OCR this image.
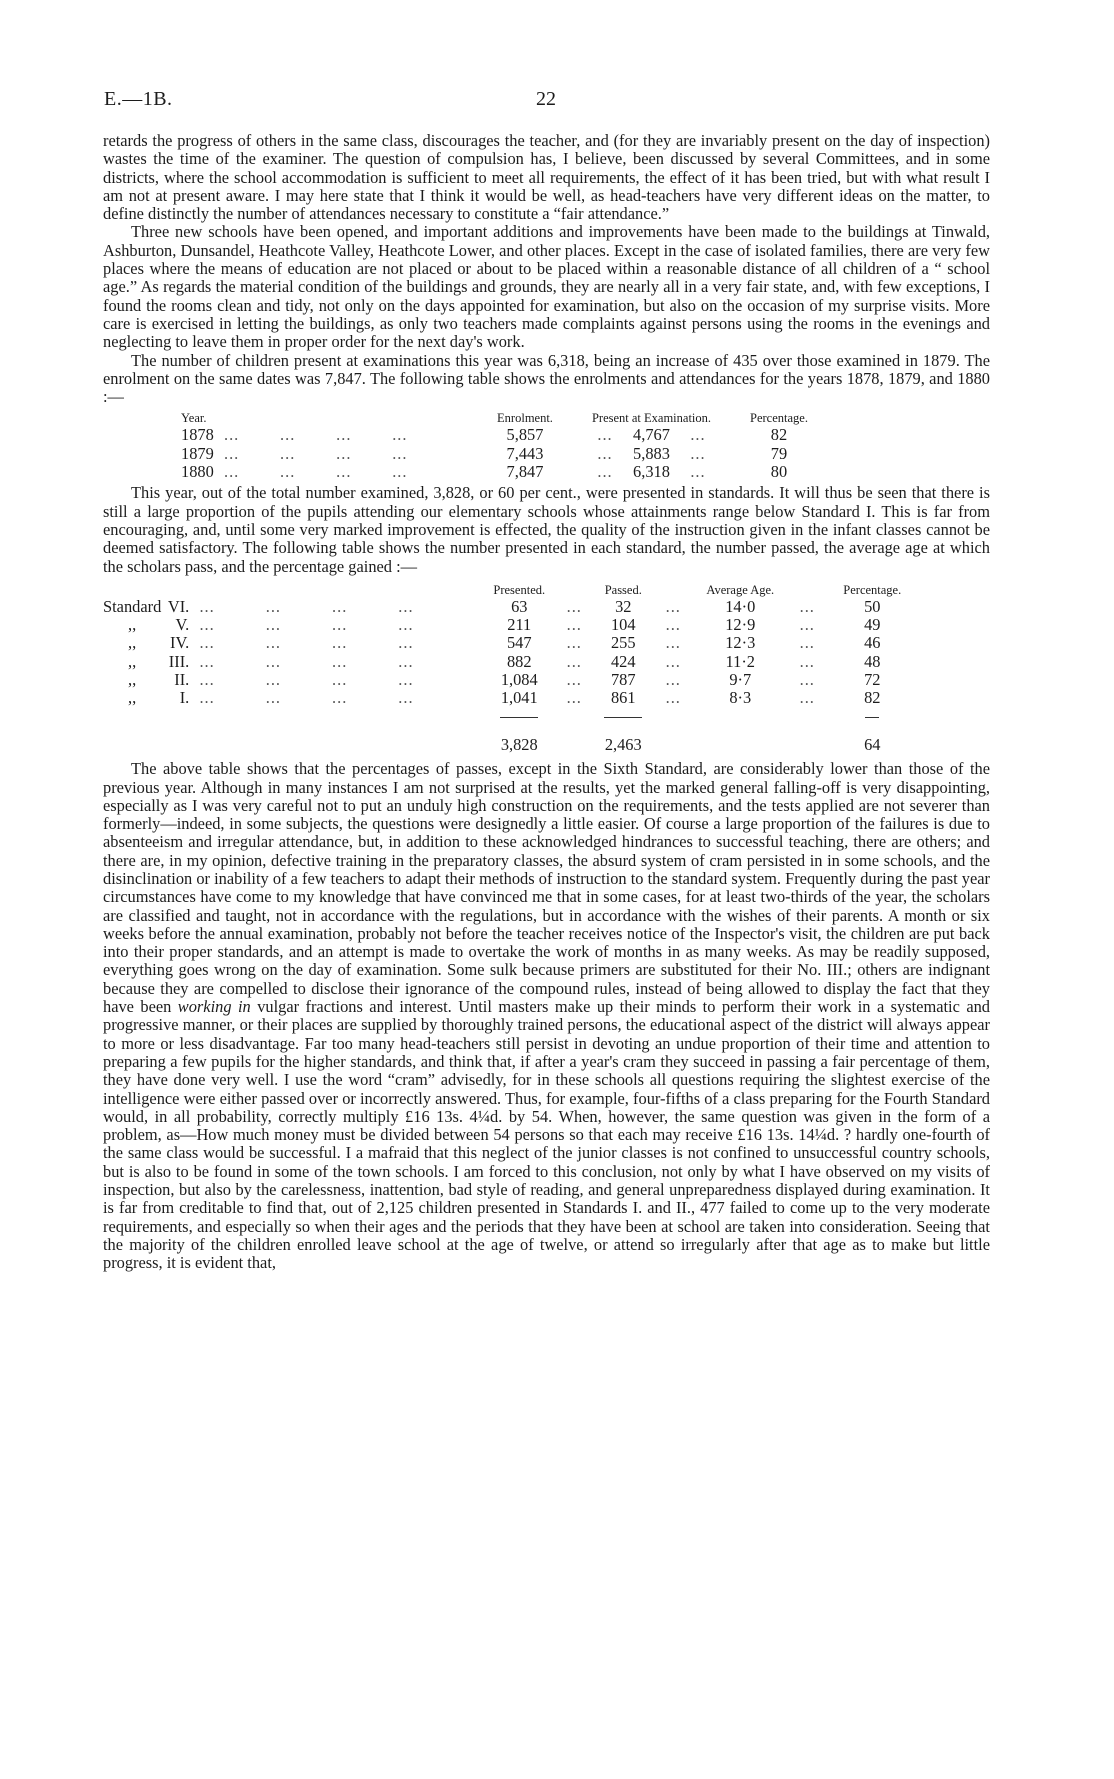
E.—1B.	22

retards the progress of others in the same class, discourages the teacher, and (for they are invariably present on the day of inspection) wastes the time of the examiner. The question of compulsion has, I believe, been discussed by several Committees, and in some districts, where the school accommodation is sufficient to meet all requirements, the effect of it has been tried, but with what result I am not at present aware. I may here state that I think it would be well, as head-teachers have very different ideas on the matter, to define distinctly the number of attendances necessary to constitute a “fair attendance.”

Three new schools have been opened, and important additions and improvements have been made to the buildings at Tinwald, Ashburton, Dunsandel, Heathcote Valley, Heathcote Lower, and other places. Except in the case of isolated families, there are very few places where the means of education are not placed or about to be placed within a reasonable distance of all children of a “ school age.” As regards the material condition of the buildings and grounds, they are nearly all in a very fair state, and, with few exceptions, I found the rooms clean and tidy, not only on the days appointed for examination, but also on the occasion of my surprise visits. More care is exercised in letting the buildings, as only two teachers made complaints against persons using the rooms in the evenings and neglecting to leave them in proper order for the next day's work.

The number of children present at examinations this year was 6,318, being an increase of 435 over those examined in 1879. The enrolment on the same dates was 7,847. The following table shows the enrolments and attendances for the years 1878, 1879, and 1880 :—

Year.	Enrolment.	Present at Examination.	Percentage.
1878  ...        ...        ...        ...	5,857	...    4,767    ...	82
1879  ...        ...        ...        ...	7,443	...    5,883    ...	79
1880  ...        ...        ...        ...	7,847	...    6,318    ...	80

This year, out of the total number examined, 3,828, or 60 per cent., were presented in standards. It will thus be seen that there is still a large proportion of the pupils attending our elementary schools whose attainments range below Standard I. This is far from encouraging, and, until some very marked improvement is effected, the quality of the instruction given in the infant classes cannot be deemed satisfactory. The following table shows the number presented in each standard, the number passed, the average age at which the scholars pass, and the percentage gained :—

			Presented.		Passed.		Average Age.		Percentage.
Standard	VI.	...          ...          ...          ...	63	...	32	...	14·0	...	50
,,	V.	...          ...          ...          ...	211	...	104	...	12·9	...	49
,,	IV.	...          ...          ...          ...	547	...	255	...	12·3	...	46
,,	III.	...          ...          ...          ...	882	...	424	...	11·2	...	48
,,	II.	...          ...          ...          ...	1,084	...	787	...	9·7	...	72
,,	I.	...          ...          ...          ...	1,041	...	861	...	8·3	...	82

			3,828		2,463				64

The above table shows that the percentages of passes, except in the Sixth Standard, are considerably lower than those of the previous year. Although in many instances I am not surprised at the results, yet the marked general falling-off is very disappointing, especially as I was very careful not to put an unduly high construction on the requirements, and the tests applied are not severer than formerly—indeed, in some subjects, the questions were designedly a little easier. Of course a large proportion of the failures is due to absenteeism and irregular attendance, but, in addition to these acknowledged hindrances to successful teaching, there are others; and there are, in my opinion, defective training in the preparatory classes, the absurd system of cram persisted in in some schools, and the disinclination or inability of a few teachers to adapt their methods of instruction to the standard system. Frequently during the past year circumstances have come to my knowledge that have convinced me that in some cases, for at least two-thirds of the year, the scholars are classified and taught, not in accordance with the regulations, but in accordance with the wishes of their parents. A month or six weeks before the annual examination, probably not before the teacher receives notice of the Inspector's visit, the children are put back into their proper standards, and an attempt is made to overtake the work of months in as many weeks. As may be readily supposed, everything goes wrong on the day of examination. Some sulk because primers are substituted for their No. III.; others are indignant because they are compelled to disclose their ignorance of the compound rules, instead of being allowed to display the fact that they have been working in vulgar fractions and interest. Until masters make up their minds to perform their work in a systematic and progressive manner, or their places are supplied by thoroughly trained persons, the educational aspect of the district will always appear to more or less disadvantage. Far too many head-teachers still persist in devoting an undue proportion of their time and attention to preparing a few pupils for the higher standards, and think that, if after a year's cram they succeed in passing a fair percentage of them, they have done very well. I use the word “cram” advisedly, for in these schools all questions requiring the slightest exercise of the intelligence were either passed over or incorrectly answered. Thus, for example, four-fifths of a class preparing for the Fourth Standard would, in all probability, correctly multiply £16 13s. 4¼d. by 54. When, however, the same question was given in the form of a problem, as—How much money must be divided between 54 persons so that each may receive £16 13s. 14¼d. ? hardly one-fourth of the same class would be successful. I a mafraid that this neglect of the junior classes is not confined to unsuccessful country schools, but is also to be found in some of the town schools. I am forced to this conclusion, not only by what I have observed on my visits of inspection, but also by the carelessness, inattention, bad style of reading, and general unpreparedness displayed during examination. It is far from creditable to find that, out of 2,125 children presented in Standards I. and II., 477 failed to come up to the very moderate requirements, and especially so when their ages and the periods that they have been at school are taken into consideration. Seeing that the majority of the children enrolled leave school at the age of twelve, or attend so irregularly after that age as to make but little progress, it is evident that,
